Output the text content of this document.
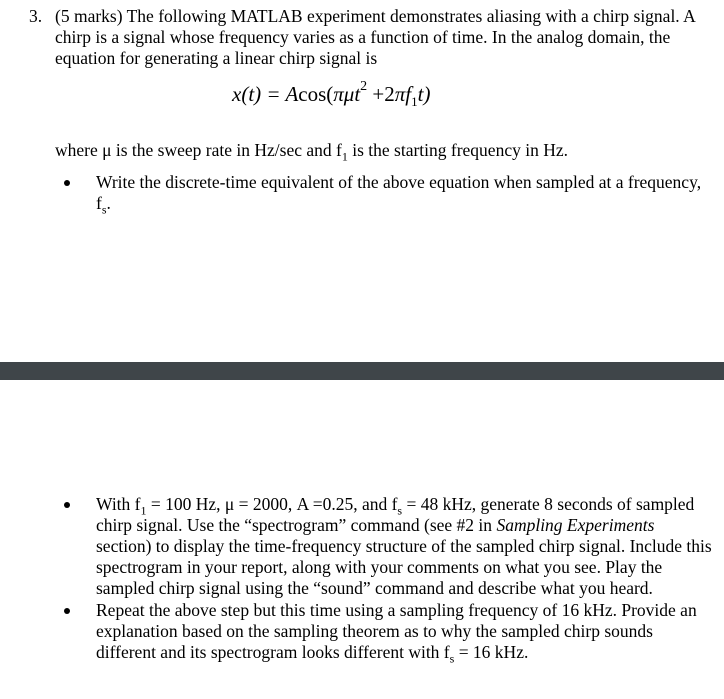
3. (5 marks) The following MATLAB experiment demonstrates aliasing with a chirp signal. A chirp is a signal whose frequency varies as a function of time. In the analog domain, the equation for generating a linear chirp signal is
$x(t) = Acos(\pi\mu t^2 +2\pi f_1t)$
where μ is the sweep rate in Hz/sec and $f_1$ is the starting frequency in Hz.
Write the discrete-time equivalent of the above equation when sampled at a frequency, $f_s$.
With $f_1 = 100$ Hz, μ = 2000, A =0.25, and $f_s = 48$ kHz, generate 8 seconds of sampled chirp signal. Use the “spectrogram” command (see #2 in Sampling Experiments section) to display the time-frequency structure of the sampled chirp signal. Include this spectrogram in your report, along with your comments on what you see. Play the sampled chirp signal using the “sound” command and describe what you heard.
Repeat the above step but this time using a sampling frequency of 16 kHz. Provide an explanation based on the sampling theorem as to why the sampled chirp sounds different and its spectrogram looks different with $f_s = 16$ kHz.
